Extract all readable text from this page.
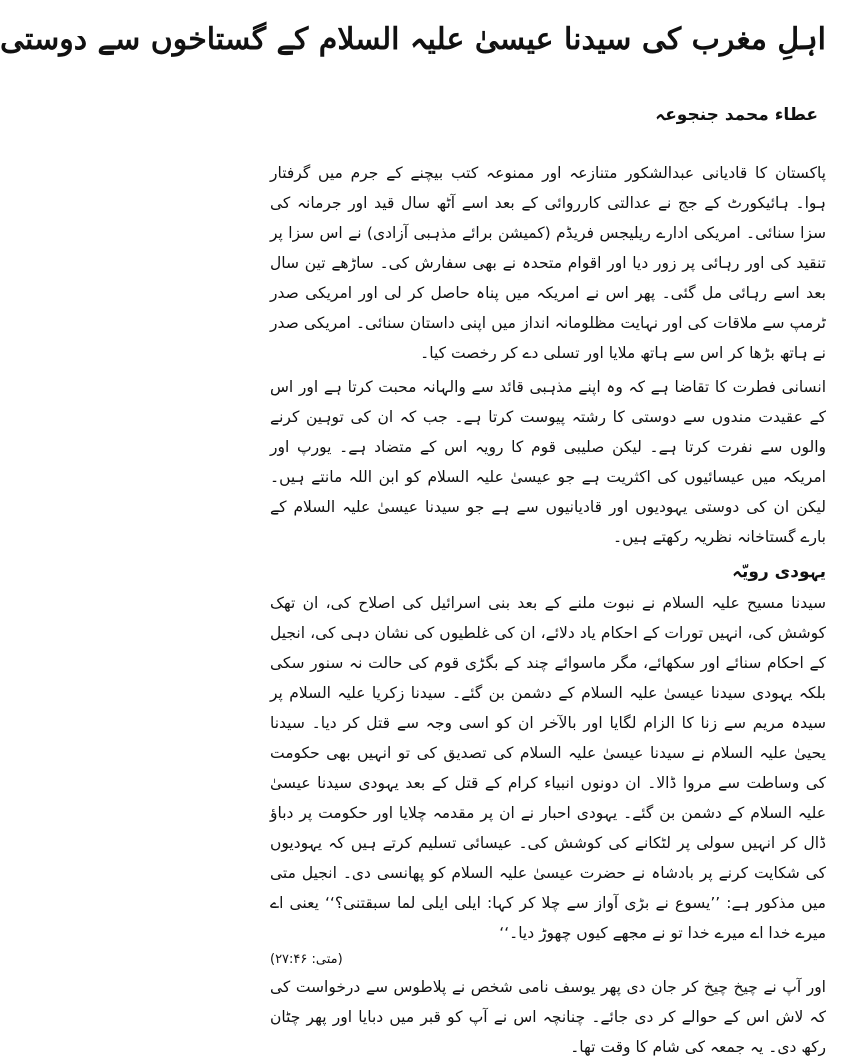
اہلِ مغرب کی سیدنا عیسیٰ علیہ السلام کے گستاخوں سے دوستی
عطاء محمد جنجوعہ

پاکستان کا قادیانی عبدالشکور متنازعہ اور ممنوعہ کتب بیچنے کے جرم میں گرفتار ہوا۔ ہائیکورٹ کے جج نے عدالتی کارروائی کے بعد اسے آٹھ سال قید اور جرمانہ کی سزا سنائی۔ امریکی ادارے ریلیجس فریڈم (کمیشن برائے مذہبی آزادی) نے اس سزا پر تنقید کی اور رہائی پر زور دیا اور اقوام متحدہ نے بھی سفارش کی۔ ساڑھے تین سال بعد اسے رہائی مل گئی۔ پھر اس نے امریکہ میں پناہ حاصل کر لی اور امریکی صدر ٹرمپ سے ملاقات کی اور نہایت مظلومانہ انداز میں اپنی داستان سنائی۔ امریکی صدر نے ہاتھ بڑھا کر اس سے ہاتھ ملایا اور تسلی دے کر رخصت کیا۔

انسانی فطرت کا تقاضا ہے کہ وہ اپنے مذہبی قائد سے والہانہ محبت کرتا ہے اور اس کے عقیدت مندوں سے دوستی کا رشتہ پیوست کرتا ہے۔ جب کہ ان کی توہین کرنے والوں سے نفرت کرتا ہے۔ لیکن صلیبی قوم کا رویہ اس کے متضاد ہے۔ یورپ اور امریکہ میں عیسائیوں کی اکثریت ہے جو عیسیٰ علیہ السلام کو ابن اللہ مانتے ہیں۔ لیکن ان کی دوستی یہودیوں اور قادیانیوں سے ہے جو سیدنا عیسیٰ علیہ السلام کے بارے گستاخانہ نظریہ رکھتے ہیں۔

یہودی رویّہ

سیدنا مسیح علیہ السلام نے نبوت ملنے کے بعد بنی اسرائیل کی اصلاح کی، ان تھک کوشش کی، انہیں تورات کے احکام یاد دلائے، ان کی غلطیوں کی نشان دہی کی، انجیل کے احکام سنائے اور سکھائے، مگر ماسوائے چند کے بگڑی قوم کی حالت نہ سنور سکی بلکہ یہودی سیدنا عیسیٰ علیہ السلام کے دشمن بن گئے۔ سیدنا زکریا علیہ السلام پر سیدہ مریم سے زنا کا الزام لگایا اور بالآخر ان کو اسی وجہ سے قتل کر دیا۔ سیدنا یحییٰ علیہ السلام نے سیدنا عیسیٰ علیہ السلام کی تصدیق کی تو انہیں بھی حکومت کی وساطت سے مروا ڈالا۔ ان دونوں انبیاء کرام کے قتل کے بعد یہودی سیدنا عیسیٰ علیہ السلام کے دشمن بن گئے۔ یہودی احبار نے ان پر مقدمہ چلایا اور حکومت پر دباؤ ڈال کر انہیں سولی پر لٹکانے کی کوشش کی۔ عیسائی تسلیم کرتے ہیں کہ یہودیوں کی شکایت کرنے پر بادشاہ نے حضرت عیسیٰ علیہ السلام کو پھانسی دی۔ انجیل متی میں مذکور ہے: ’’یسوع نے بڑی آواز سے چلا کر کہا: ایلی ایلی لما سبقتنی؟‘‘ یعنی اے میرے خدا اے میرے خدا تو نے مجھے کیوں چھوڑ دیا۔‘‘

(متی: ۲۷:۴۶)

اور آپ نے چیخ چیخ کر جان دی پھر یوسف نامی شخص نے پلاطوس سے درخواست کی کہ لاش اس کے حوالے کر دی جائے۔ چنانچہ اس نے آپ کو قبر میں دبایا اور پھر چٹان رکھ دی۔ یہ جمعہ کی شام کا وقت تھا۔
